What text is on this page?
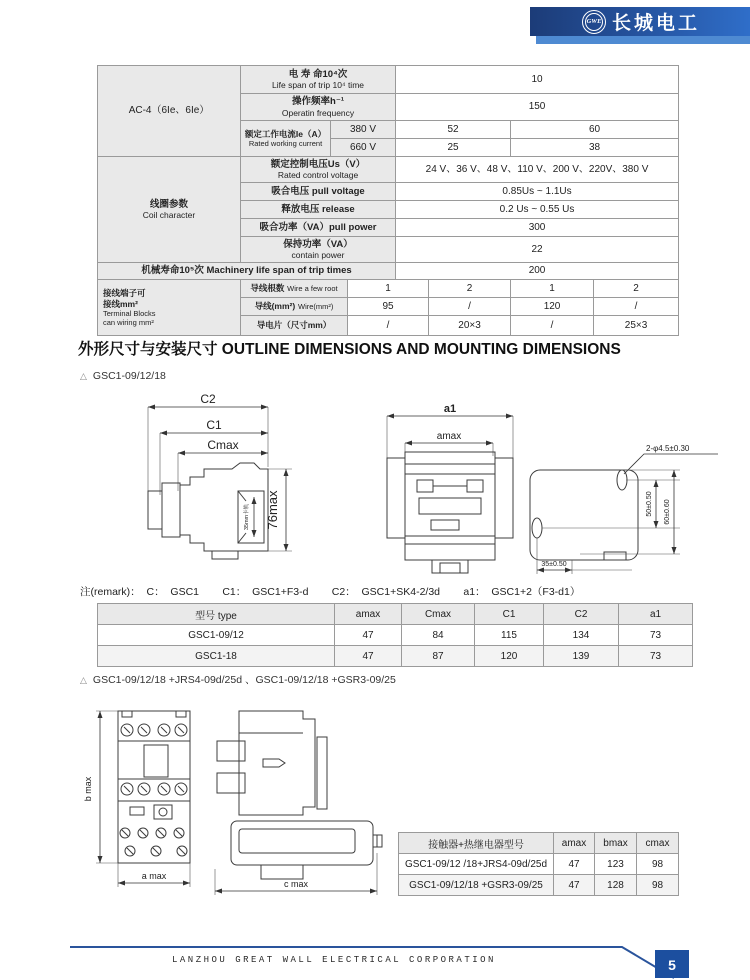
GWE 长城电工
AC-4（6Ie、6Ie）	电 寿 命10⁴次
Life span of trip 10⁴ time			10			

	操作频率h⁻¹
Operatin frequency			150			

	额定工作电流Ie（A）
Rated working current	380 V		52		60	
		660 V		25		38	

线圈参数
Coil character

额定控制电压Us（V）
Rated control voltage
	24 V、36 V、48 V、110 V、200 V、220V、380 V
	吸合电压 pull voltage			0.85Us ~ 1.1Us			
	释放电压 release			0.2 Us ~ 0.55 Us			
	吸合功率（VA）pull power			300			

	保持功率（VA）
contain power			22			
机械寿命10⁵次 Machinery life span of trip times				200			

接线端子可
接线mm²
Terminal Blocks
can wiring mm²	导线根数 Wire a few root		1		2	1	2
	导线(mm²) Wire(mm²)		95		/	120	/
	导电片（尺寸mm）		/		20×3	/	25×3
外形尺寸与安装尺寸 OUTLINE DIMENSIONS AND MOUNTING DIMENSIONS
△ GSC1-09/12/18
C2
C1
Cmax
35mm卡轨 76max
a1
amax
2-φ4.5±0.30
50±0.50 60±0.60
35±0.50
注(remark)：  C：  GSC1        C1：  GSC1+F3-d        C2：  GSC1+SK4-2/3d        a1：  GSC1+2（F3-d1）
型号 type	amax	Cmax	C1	C2	a1
GSC1-09/12	47	84	115	134	73
GSC1-18	47	87	120	139	73
△ GSC1-09/12/18 +JRS4-09d/25d 、GSC1-09/12/18 +GSR3-09/25
b max
a max
c max
接触器+热继电器型号	amax	bmax	cmax
GSC1-09/12 /18+JRS4-09d/25d	47	123	98
GSC1-09/12/18 +GSR3-09/25	47	128	98
LANZHOU GREAT WALL ELECTRICAL CORPORATION	5
